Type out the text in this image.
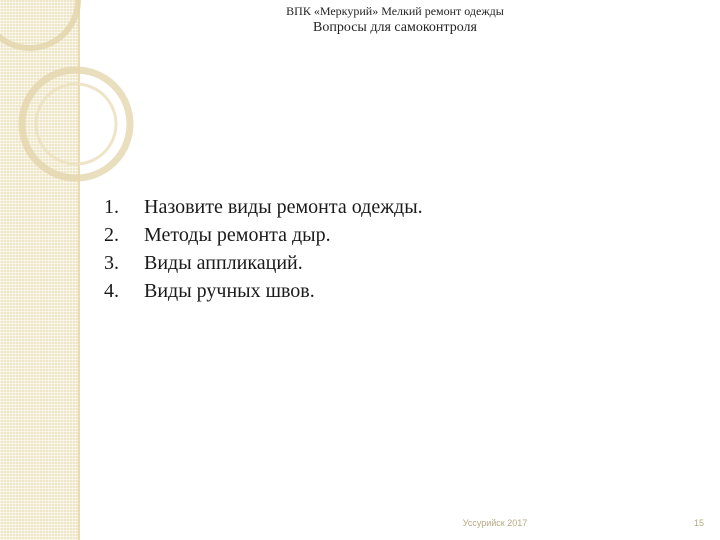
ВПК «Меркурий» Мелкий ремонт одежды
Вопросы для самоконтроля
1.	Назовите виды ремонта одежды.
2.	Методы ремонта дыр.
3.	Виды аппликаций.
4.	Виды ручных швов.
Уссурийск 2017	15
